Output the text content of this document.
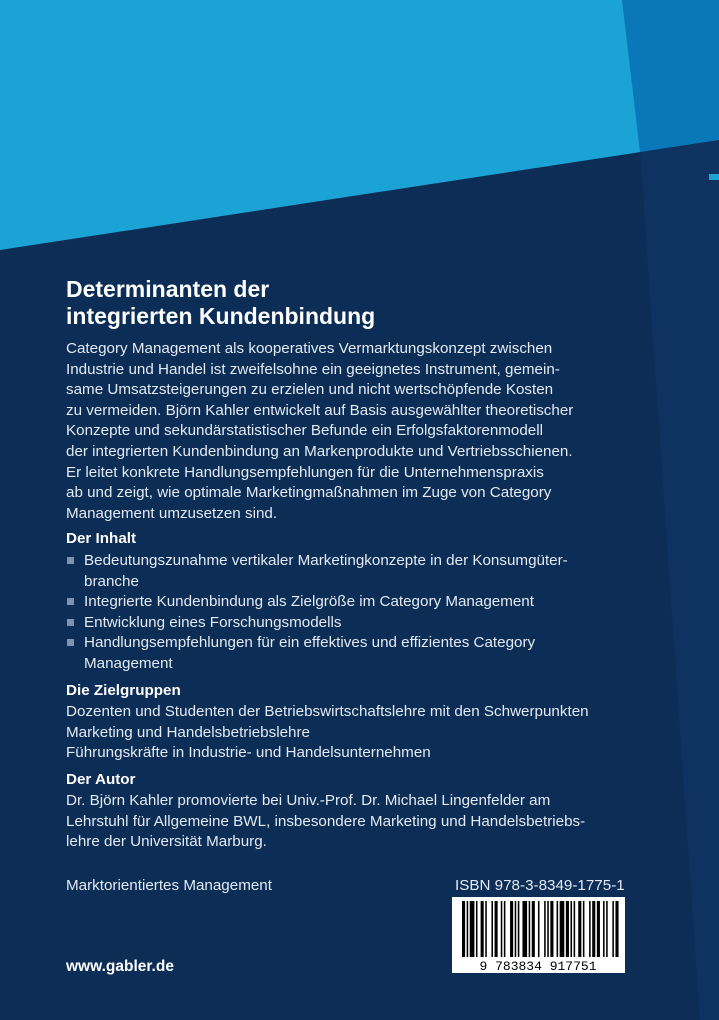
Determinanten der
integrierten Kundenbindung
Category Management als kooperatives Vermarktungskonzept zwischen
Industrie und Handel ist zweifelsohne ein geeignetes Instrument, gemein-
same Umsatzsteigerungen zu erzielen und nicht wertschöpfende Kosten
zu vermeiden. Björn Kahler entwickelt auf Basis ausgewählter theoretischer
Konzepte und sekundärstatistischer Befunde ein Erfolgsfaktorenmodell
der integrierten Kundenbindung an Markenprodukte und Vertriebsschienen.
Er leitet konkrete Handlungsempfehlungen für die Unternehmenspraxis
ab und zeigt, wie optimale Marketingmaßnahmen im Zuge von Category
Management umzusetzen sind.
Der Inhalt
Bedeutungszunahme vertikaler Marketingkonzepte in der Konsumgüter-
branche
Integrierte Kundenbindung als Zielgröße im Category Management
Entwicklung eines Forschungsmodells
Handlungsempfehlungen für ein effektives und effizientes Category
Management
Die Zielgruppen
Dozenten und Studenten der Betriebswirtschaftslehre mit den Schwerpunkten
Marketing und Handelsbetriebslehre
Führungskräfte in Industrie- und Handelsunternehmen
Der Autor
Dr. Björn Kahler promovierte bei Univ.-Prof. Dr. Michael Lingenfelder am
Lehrstuhl für Allgemeine BWL, insbesondere Marketing und Handelsbetriebs-
lehre der Universität Marburg.
Marktorientiertes Management	ISBN 978-3-8349-1775-1
9 783834 917751
www.gabler.de
